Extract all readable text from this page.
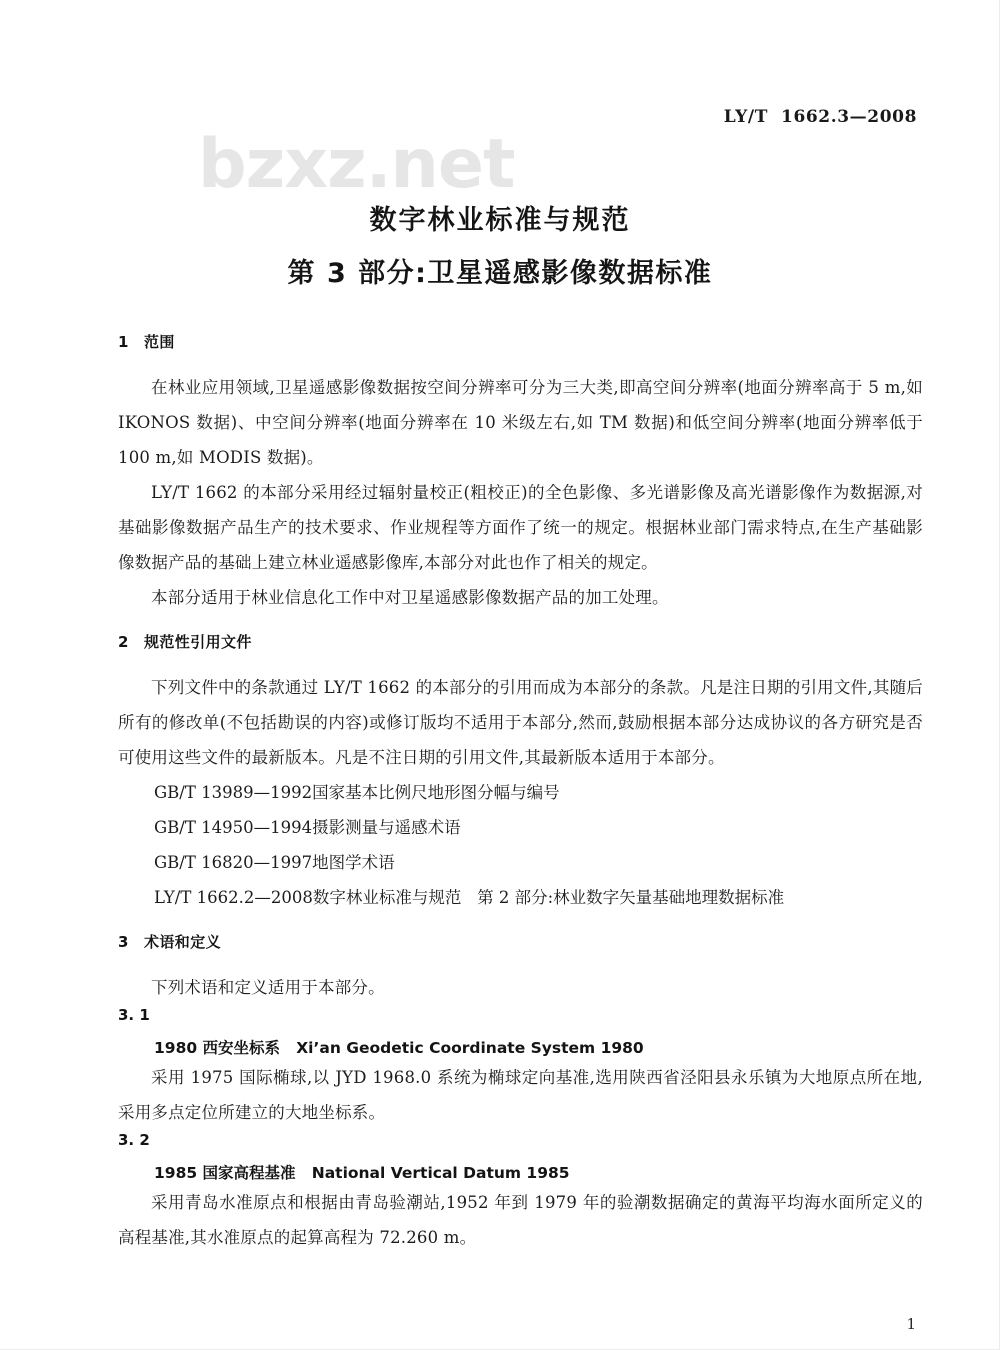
bzxz.net
LY/T  1662.3—2008
数字林业标准与规范
第 3 部分:卫星遥感影像数据标准
1 范围

在林业应用领域,卫星遥感影像数据按空间分辨率可分为三大类,即高空间分辨率(地面分辨率高于 5 m,如 IKONOS 数据)、中空间分辨率(地面分辨率在 10 米级左右,如 TM 数据)和低空间分辨率(地面分辨率低于 100 m,如 MODIS 数据)。

LY/T 1662 的本部分采用经过辐射量校正(粗校正)的全色影像、多光谱影像及高光谱影像作为数据源,对基础影像数据产品生产的技术要求、作业规程等方面作了统一的规定。根据林业部门需求特点,在生产基础影像数据产品的基础上建立林业遥感影像库,本部分对此也作了相关的规定。

本部分适用于林业信息化工作中对卫星遥感影像数据产品的加工处理。

2 规范性引用文件

下列文件中的条款通过 LY/T 1662 的本部分的引用而成为本部分的条款。凡是注日期的引用文件,其随后所有的修改单(不包括勘误的内容)或修订版均不适用于本部分,然而,鼓励根据本部分达成协议的各方研究是否可使用这些文件的最新版本。凡是不注日期的引用文件,其最新版本适用于本部分。

GB/T 13989—1992国家基本比例尺地形图分幅与编号
GB/T 14950—1994摄影测量与遥感术语
GB/T 16820—1997地图学术语
LY/T 1662.2—2008数字林业标准与规范   第 2 部分:林业数字矢量基础地理数据标准
3 术语和定义

下列术语和定义适用于本部分。

3. 1
1980 西安坐标系   Xi’an Geodetic Coordinate System 1980

采用 1975 国际椭球,以 JYD 1968.0 系统为椭球定向基准,选用陕西省泾阳县永乐镇为大地原点所在地,采用多点定位所建立的大地坐标系。

3. 2
1985 国家高程基准   National Vertical Datum 1985

采用青岛水准原点和根据由青岛验潮站,1952 年到 1979 年的验潮数据确定的黄海平均海水面所定义的高程基准,其水准原点的起算高程为 72.260 m。

1
